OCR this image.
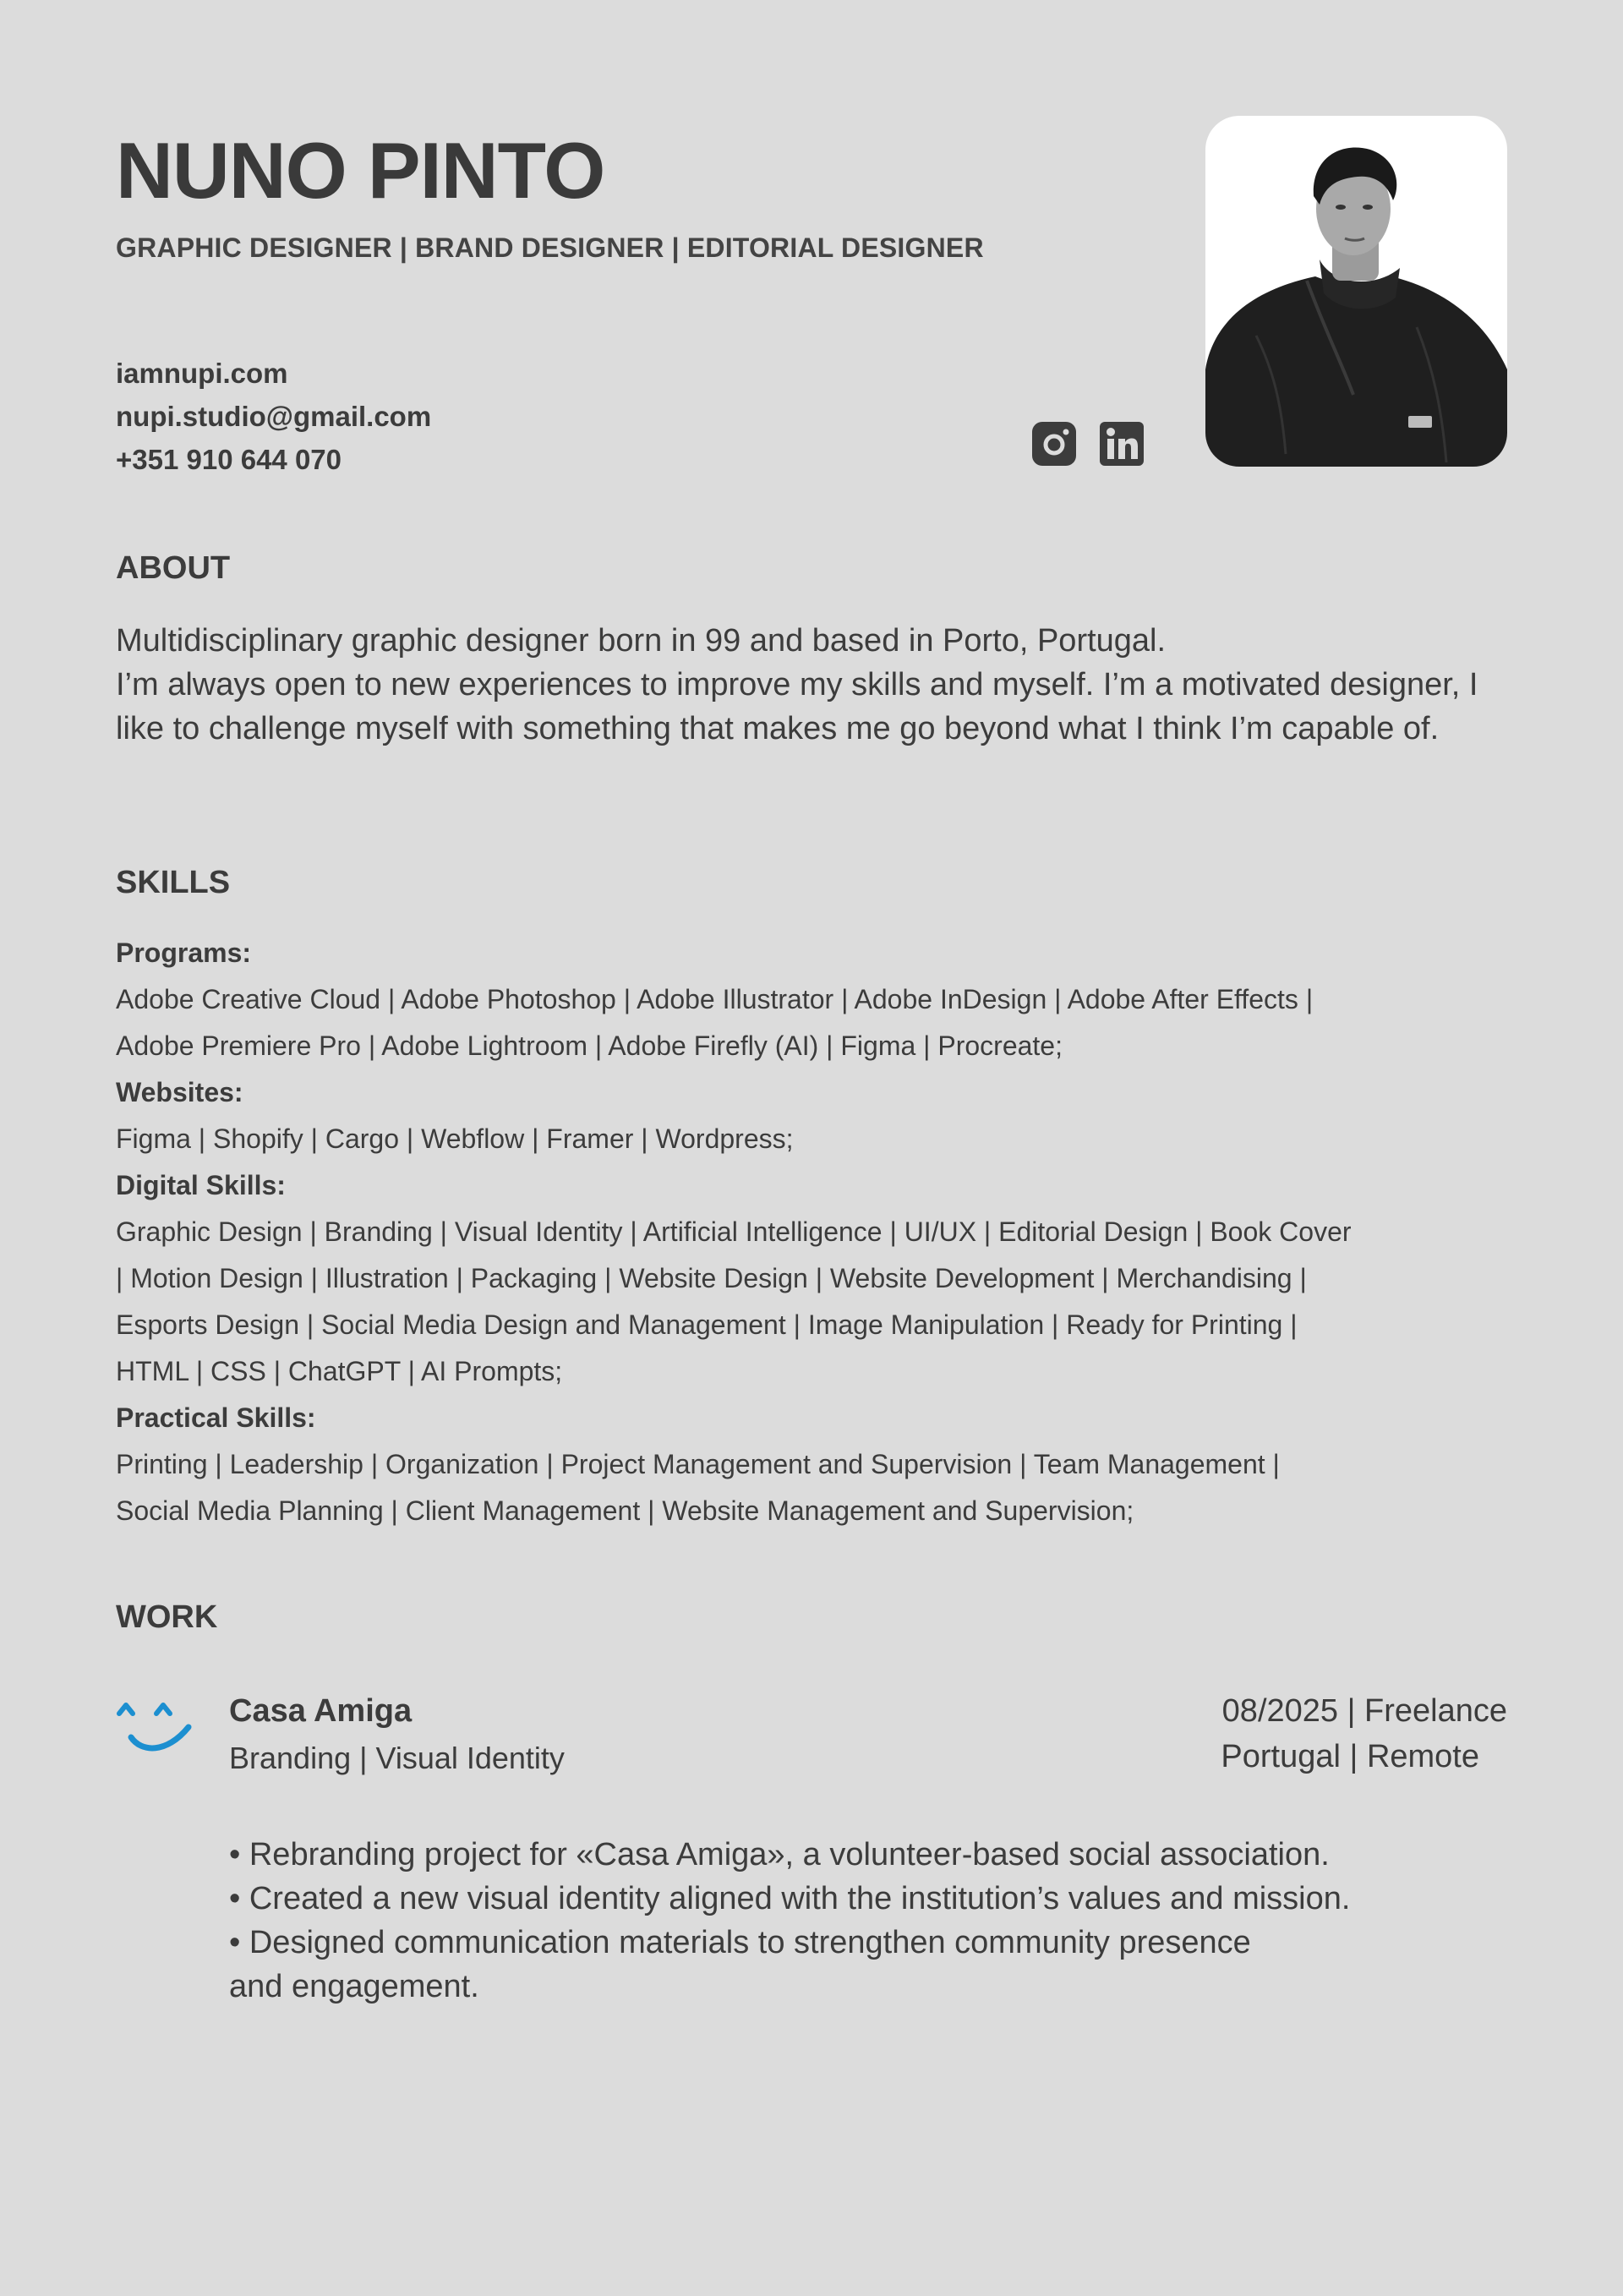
NUNO PINTO
GRAPHIC DESIGNER | BRAND DESIGNER | EDITORIAL DESIGNER
iamnupi.com
nupi.studio@gmail.com
+351 910 644 070
ABOUT

Multidisciplinary graphic designer born in 99 and based in Porto, Portugal.

I’m always open to new experiences to improve my skills and myself. I’m a motivated designer, I like to challenge myself with something that makes me go beyond what I think I’m capable of.

SKILLS
Programs:
Adobe Creative Cloud | Adobe Photoshop | Adobe Illustrator | Adobe InDesign | Adobe After Effects |
Adobe Premiere Pro | Adobe Lightroom | Adobe Firefly (AI) | Figma | Procreate;
Websites:
Figma | Shopify | Cargo | Webflow | Framer | Wordpress;
Digital Skills:
Graphic Design | Branding | Visual Identity | Artificial Intelligence | UI/UX | Editorial Design | Book Cover
| Motion Design | Illustration | Packaging | Website Design | Website Development | Merchandising |
Esports Design | Social Media Design and Management | Image Manipulation | Ready for Printing |
HTML | CSS | ChatGPT | AI Prompts;
Practical Skills:
Printing | Leadership | Organization | Project Management and Supervision | Team Management |
Social Media Planning | Client Management | Website Management and Supervision;
WORK
Casa Amiga
Branding | Visual Identity
08/2025 | Freelance
Portugal | Remote
• Rebranding project for «Casa Amiga», a volunteer-based social association.
• Created a new visual identity aligned with the institution’s values and mission.
• Designed communication materials to strengthen community presence
and engagement.
